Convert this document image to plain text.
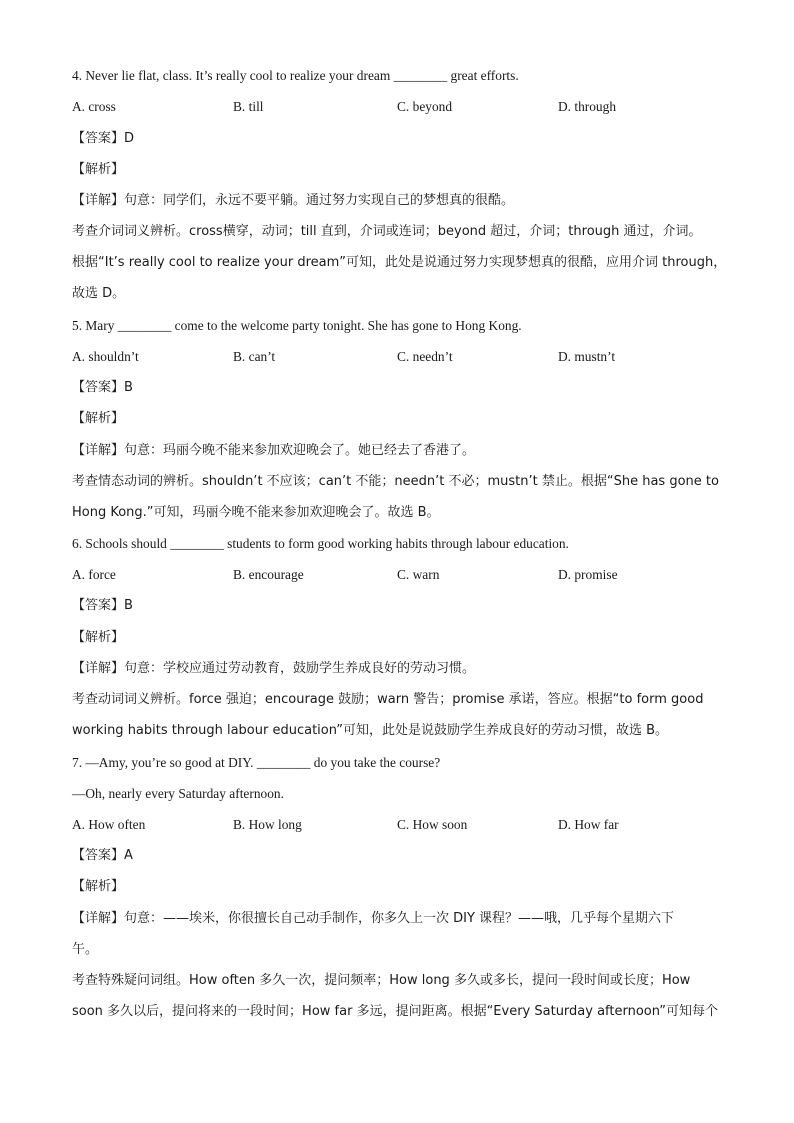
4. Never lie flat, class. It’s really cool to realize your dream ________ great efforts.
A. cross	B. till	C. beyond	D. through
【答案】D
【解析】
【详解】句意：同学们，永远不要平躺。通过努力实现自己的梦想真的很酷。
考查介词词义辨析。cross横穿，动词；till 直到，介词或连词；beyond 超过，介词；through 通过，介词。
根据“It’s really cool to realize your dream”可知，此处是说通过努力实现梦想真的很酷，应用介词 through，
故选 D。
5. Mary ________ come to the welcome party tonight. She has gone to Hong Kong.
A. shouldn’t	B. can’t	C. needn’t	D. mustn’t
【答案】B
【解析】
【详解】句意：玛丽今晚不能来参加欢迎晚会了。她已经去了香港了。
考查情态动词的辨析。shouldn’t 不应该；can’t 不能；needn’t 不必；mustn’t 禁止。根据“She has gone to
Hong Kong.”可知，玛丽今晚不能来参加欢迎晚会了。故选 B。
6. Schools should ________ students to form good working habits through labour education.
A. force	B. encourage	C. warn	D. promise
【答案】B
【解析】
【详解】句意：学校应通过劳动教育，鼓励学生养成良好的劳动习惯。
考查动词词义辨析。force 强迫；encourage 鼓励；warn 警告；promise 承诺，答应。根据“to form good
working habits through labour education”可知，此处是说鼓励学生养成良好的劳动习惯，故选 B。
7. —Amy, you’re so good at DIY. ________ do you take the course?
—Oh, nearly every Saturday afternoon.
A. How often	B. How long	C. How soon	D. How far
【答案】A
【解析】
【详解】句意：——埃米，你很擅长自己动手制作，你多久上一次 DIY 课程？——哦，几乎每个星期六下
午。
考查特殊疑问词组。How often 多久一次，提问频率；How long 多久或多长，提问一段时间或长度；How
soon 多久以后，提问将来的一段时间；How far 多远，提问距离。根据“Every Saturday afternoon”可知每个
